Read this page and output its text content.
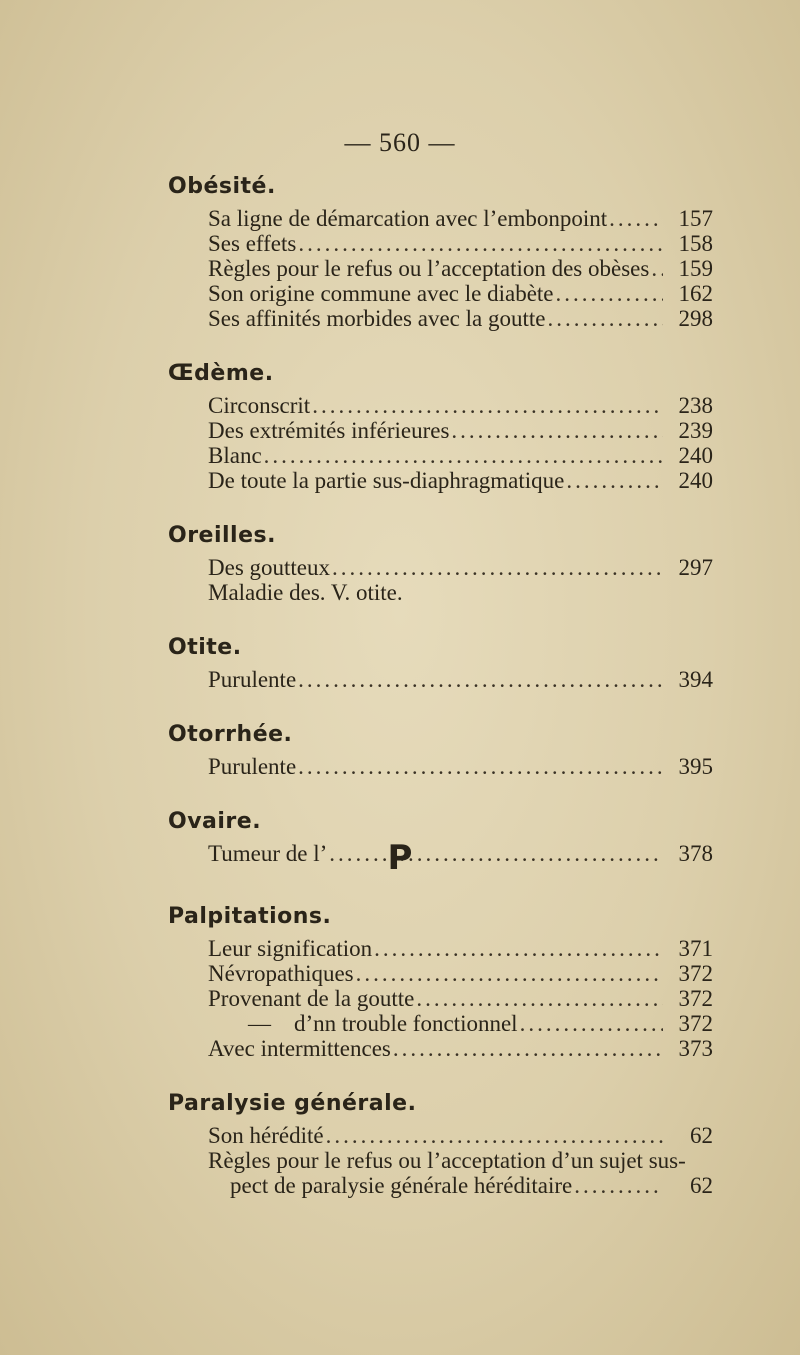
— 560 —
Obésité.
Sa ligne de démarcation avec l’embonpoint .....	157
Ses effets .....	158
Règles pour le refus ou l’acceptation des obèses .....	159
Son origine commune avec le diabète .....	162
Ses affinités morbides avec la goutte .....	298
Œdème.
Circonscrit .....	238
Des extrémités inférieures .....	239
Blanc .....	240
De toute la partie sus-diaphragmatique .....	240
Oreilles.
Des goutteux .....	297
Maladie des. V. otite.
Otite.
Purulente .....	394
Otorrhée.
Purulente .....	395
Ovaire.
Tumeur de l’ .....	378
P
Palpitations.
Leur signification .....	371
Névropathiques .....	372
Provenant de la goutte .....	372
—    d’nn trouble fonctionnel .....	372
Avec intermittences .....	373
Paralysie générale.
Son hérédité .....	62
Règles pour le refus ou l’acceptation d’un sujet sus-
pect de paralysie générale héréditaire .....	62
